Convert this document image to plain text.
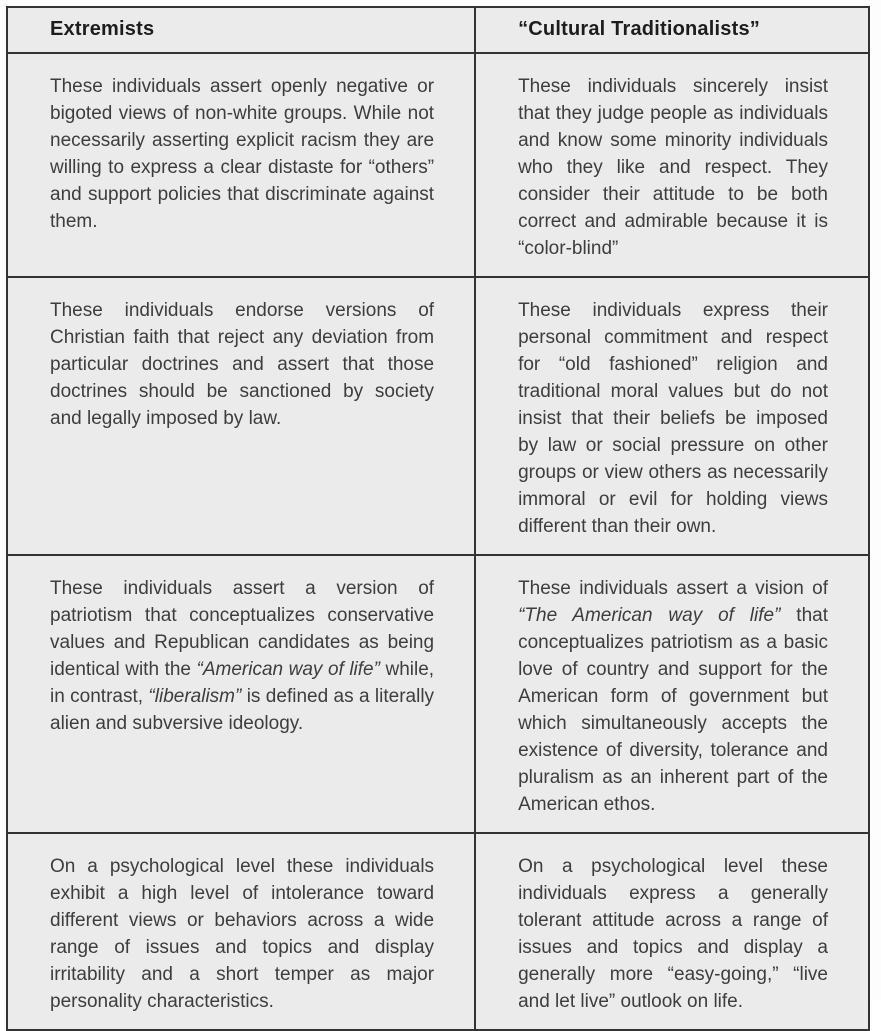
Extremists	“Cultural Traditionalists”
These individuals assert openly negative or bigoted views of non-white groups. While not necessarily asserting explicit racism they are willing to express a clear distaste for “others” and support policies that discriminate against them.	These individuals sincerely insist that they judge people as individuals and know some minority individuals who they like and respect. They consider their attitude to be both correct and admirable because it is “color-blind”
These individuals endorse versions of Christian faith that reject any deviation from particular doctrines and assert that those doctrines should be sanctioned by society and legally imposed by law.	These individuals express their personal commitment and respect for “old fashioned” religion and traditional moral values but do not insist that their beliefs be imposed by law or social pressure on other groups or view others as necessarily immoral or evil for holding views different than their own.
These individuals assert a version of patriotism that conceptualizes conservative values and Republican candidates as being identical with the “American way of life” while, in contrast, “liberalism” is defined as a literally alien and subversive ideology.	These individuals assert a vision of “The American way of life” that conceptualizes patriotism as a basic love of country and support for the American form of government but which simultaneously accepts the existence of diversity, tolerance and pluralism as an inherent part of the American ethos.
On a psychological level these individuals exhibit a high level of intolerance toward different views or behaviors across a wide range of issues and topics and display irritability and a short temper as major personality characteristics.	On a psychological level these individuals express a generally tolerant attitude across a range of issues and topics and display a generally more “easy-going,” “live and let live” outlook on life.
